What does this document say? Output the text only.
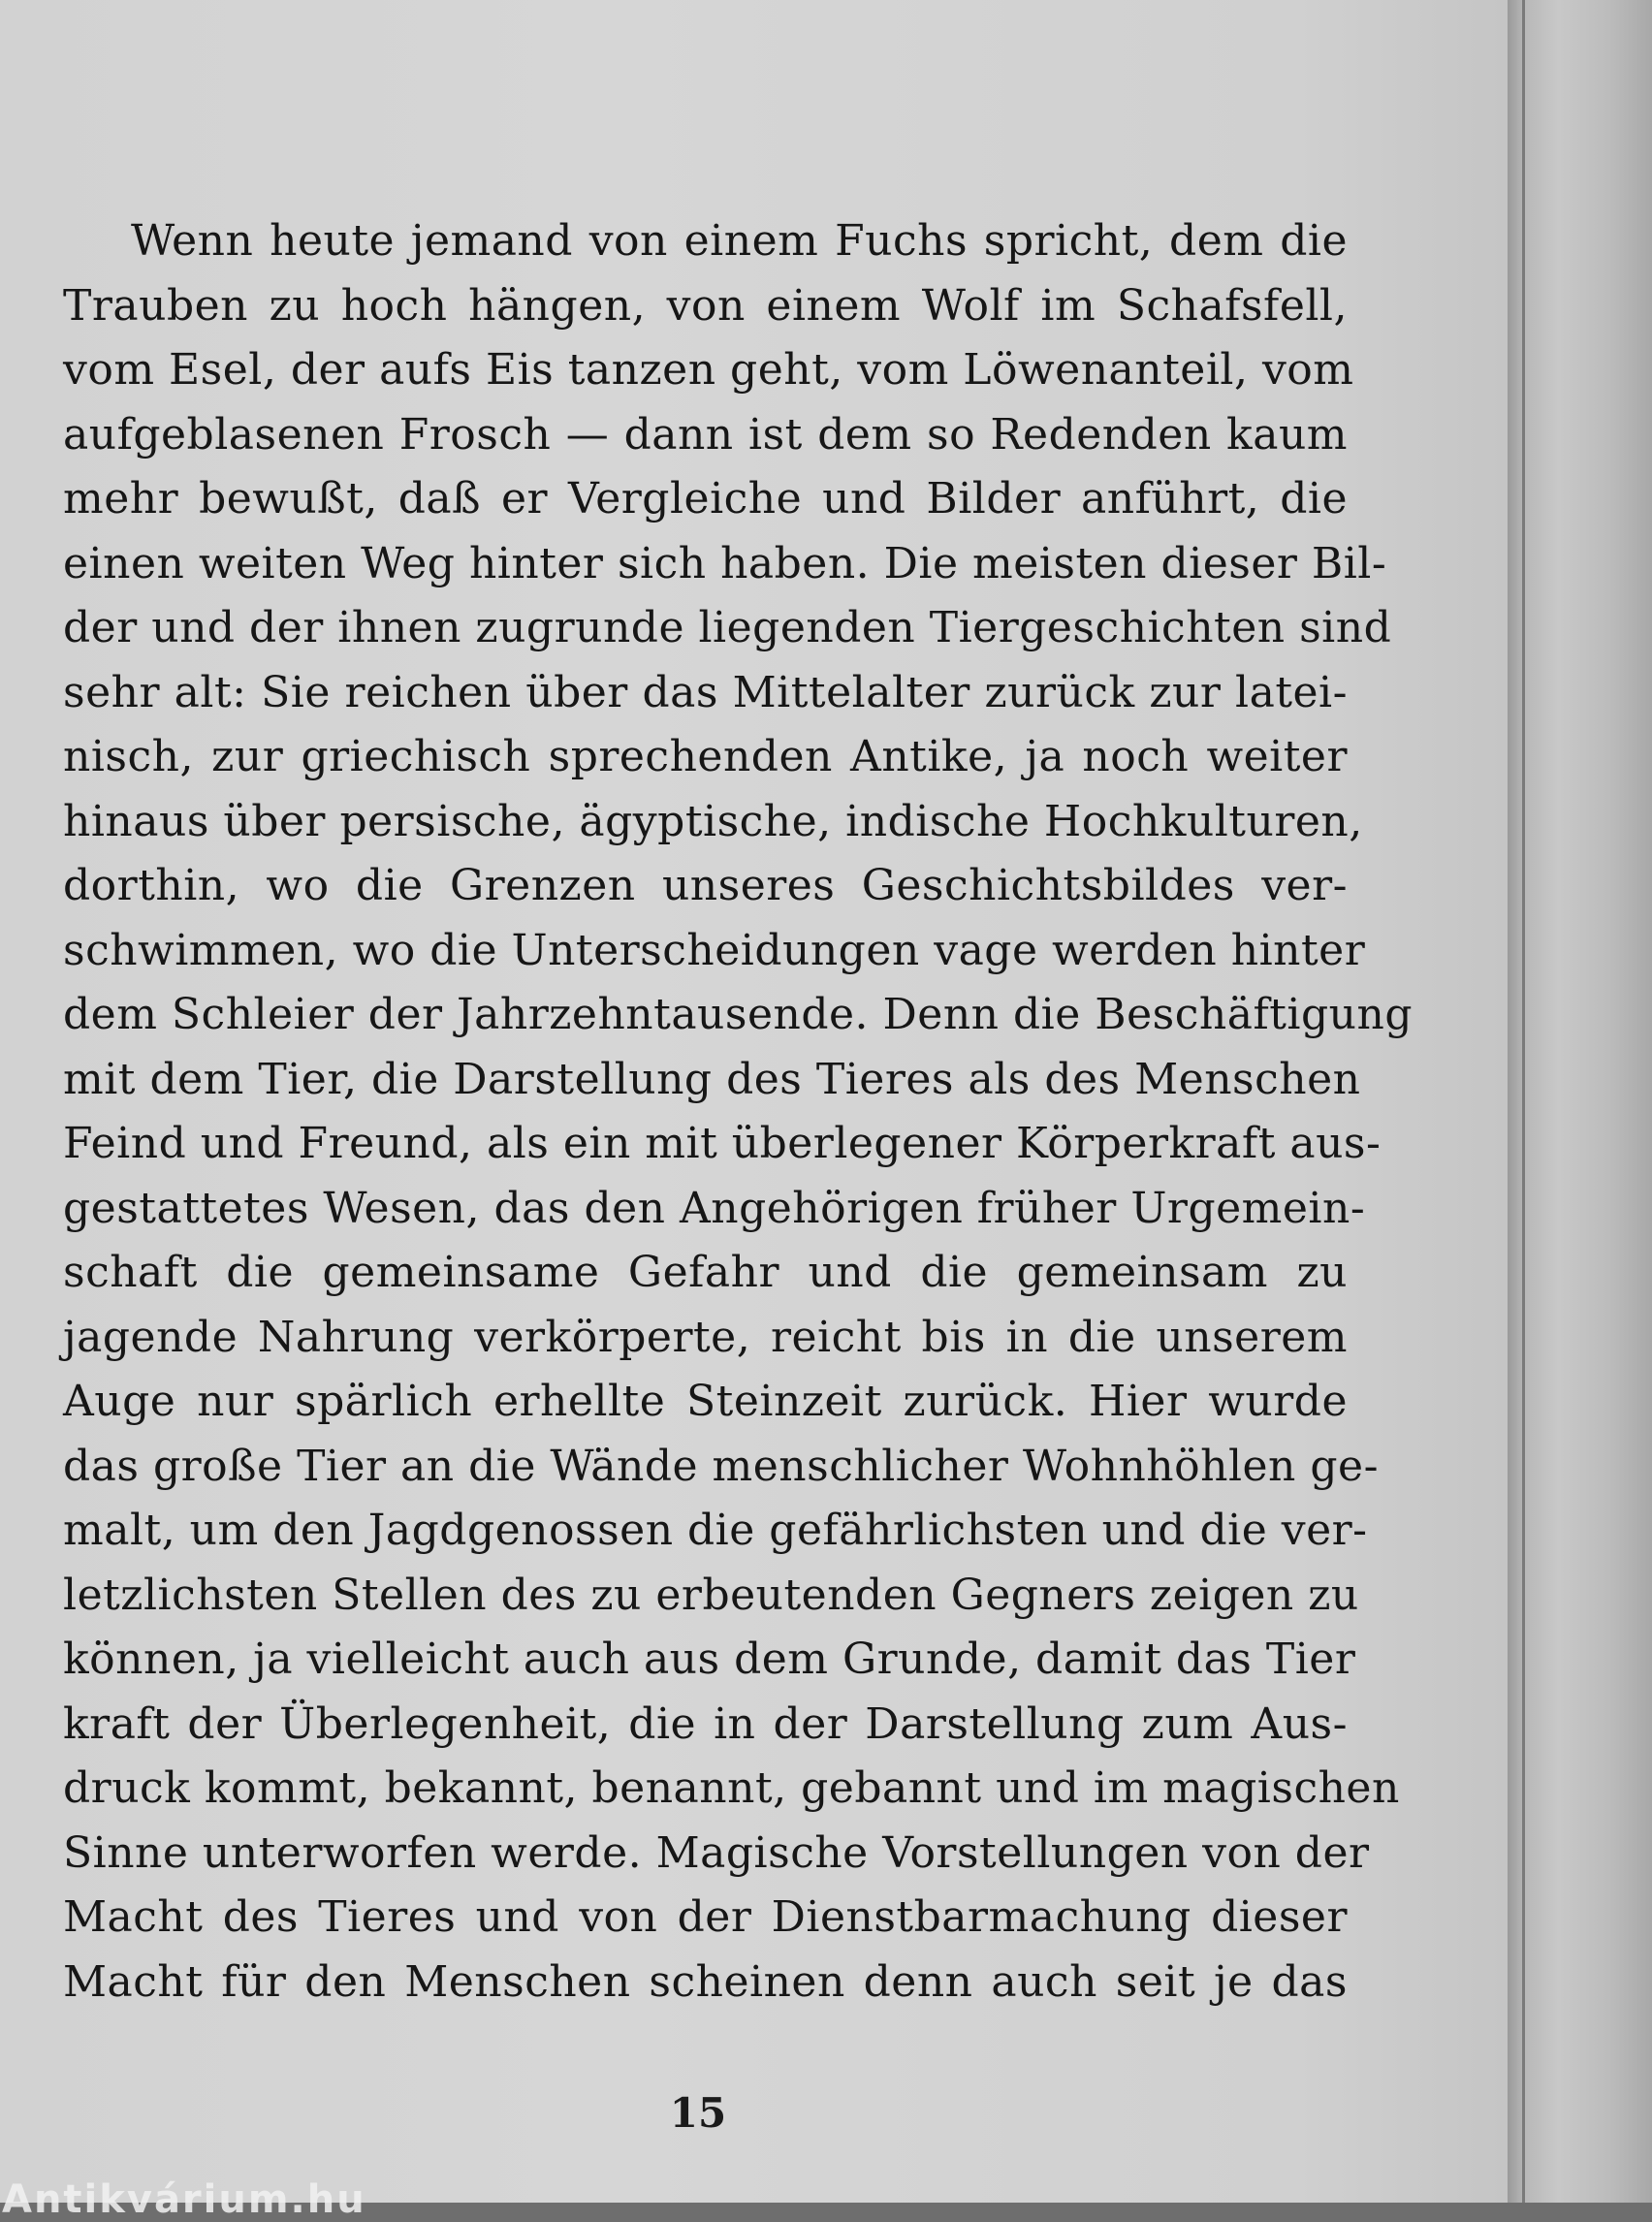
Wenn heute jemand von einem Fuchs spricht, dem die
Trauben zu hoch hängen, von einem Wolf im Schafsfell,
vom Esel, der aufs Eis tanzen geht, vom Löwenanteil, vom
aufgeblasenen Frosch — dann ist dem so Redenden kaum
mehr bewußt, daß er Vergleiche und Bilder anführt, die
einen weiten Weg hinter sich haben. Die meisten dieser Bil-
der und der ihnen zugrunde liegenden Tiergeschichten sind
sehr alt: Sie reichen über das Mittelalter zurück zur latei-
nisch, zur griechisch sprechenden Antike, ja noch weiter
hinaus über persische, ägyptische, indische Hochkulturen,
dorthin, wo die Grenzen unseres Geschichtsbildes ver-
schwimmen, wo die Unterscheidungen vage werden hinter
dem Schleier der Jahrzehntausende. Denn die Beschäftigung
mit dem Tier, die Darstellung des Tieres als des Menschen
Feind und Freund, als ein mit überlegener Körperkraft aus-
gestattetes Wesen, das den Angehörigen früher Urgemein-
schaft die gemeinsame Gefahr und die gemeinsam zu
jagende Nahrung verkörperte, reicht bis in die unserem
Auge nur spärlich erhellte Steinzeit zurück. Hier wurde
das große Tier an die Wände menschlicher Wohnhöhlen ge-
malt, um den Jagdgenossen die gefährlichsten und die ver-
letzlichsten Stellen des zu erbeutenden Gegners zeigen zu
können, ja vielleicht auch aus dem Grunde, damit das Tier
kraft der Überlegenheit, die in der Darstellung zum Aus-
druck kommt, bekannt, benannt, gebannt und im magischen
Sinne unterworfen werde. Magische Vorstellungen von der
Macht des Tieres und von der Dienstbarmachung dieser
Macht für den Menschen scheinen denn auch seit je das
15
Antikvárium.hu
